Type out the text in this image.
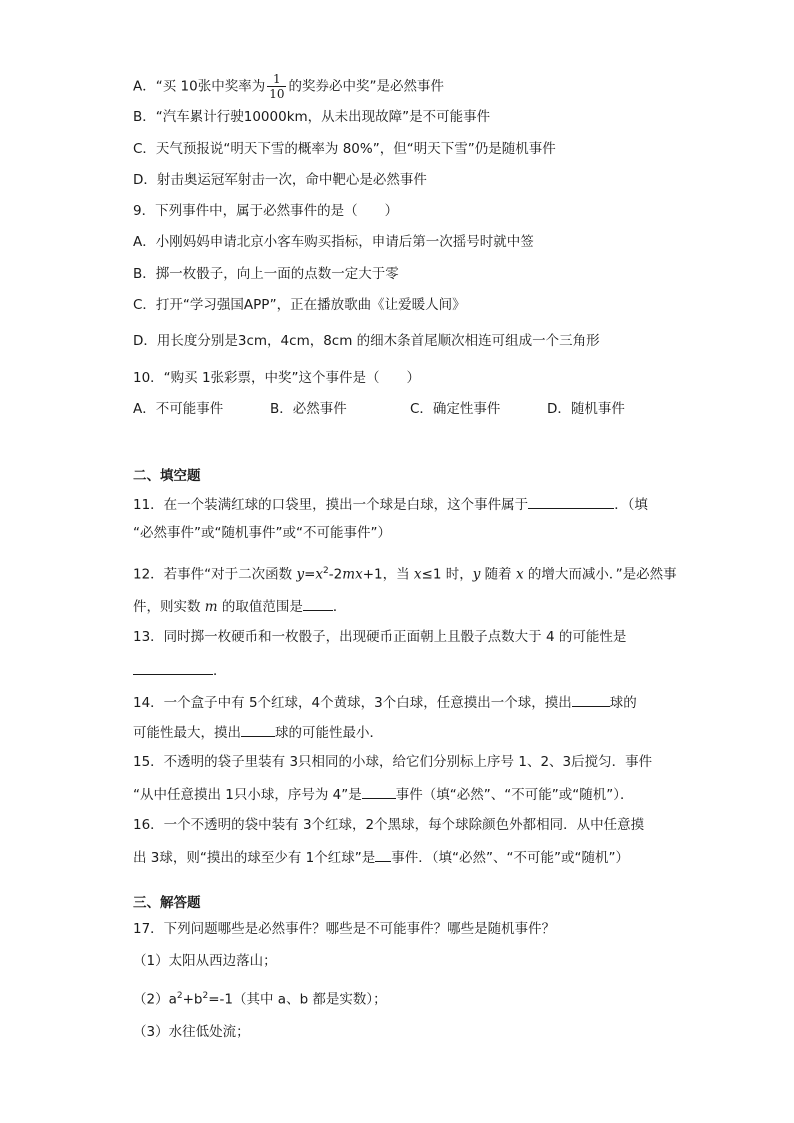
A．“买 10张中奖率为 $\frac{1}{10}$ 的奖券必中奖”是必然事件
B．“汽车累计行驶10000km，从未出现故障”是不可能事件
C．天气预报说“明天下雪的概率为 80%”，但“明天下雪”仍是随机事件
D．射击奥运冠军射击一次，命中靶心是必然事件
9．下列事件中，属于必然事件的是（　　）
A．小刚妈妈申请北京小客车购买指标，申请后第一次摇号时就中签
B．掷一枚骰子，向上一面的点数一定大于零
C．打开“学习强国APP”，正在播放歌曲《让爱暖人间》
D．用长度分别是3cm，4cm，8cm 的细木条首尾顺次相连可组成一个三角形
10．“购买 1张彩票，中奖”这个事件是（　　）
A．不可能事件	B．必然事件	C．确定性事件	D．随机事件
二、填空题
11．在一个装满红球的口袋里，摸出一个球是白球，这个事件属于	．（填
“必然事件”或“随机事件”或“不可能事件”）
12．若事件“对于二次函数 $y=x^2-2mx+1$，当 x≤1 时，y 随着 x 的增大而减小．”是必然事
件，则实数 m 的取值范围是 ．
13．同时掷一枚硬币和一枚骰子，出现硬币正面朝上且骰子点数大于 4 的可能性是
．
14．一个盒子中有 5个红球，4个黄球，3个白球，任意摸出一个球，摸出	球的
可能性最大，摸出	球的可能性最小．
15．不透明的袋子里装有 3只相同的小球，给它们分别标上序号 1、2、3后搅匀．事件
“从中任意摸出 1只小球，序号为 4”是	事件（填“必然”、“不可能”或“随机”）．
16．一个不透明的袋中装有 3个红球，2个黑球，每个球除颜色外都相同．从中任意摸
出 3球，则“摸出的球至少有 1个红球”是 事件．（填“必然”、“不可能”或“随机”）
三、解答题
17．下列问题哪些是必然事件？哪些是不可能事件？哪些是随机事件？
（1）太阳从西边落山；
$(2)a^2+b^2=-1$（其中 a、b 都是实数）；
（3）水往低处流；
